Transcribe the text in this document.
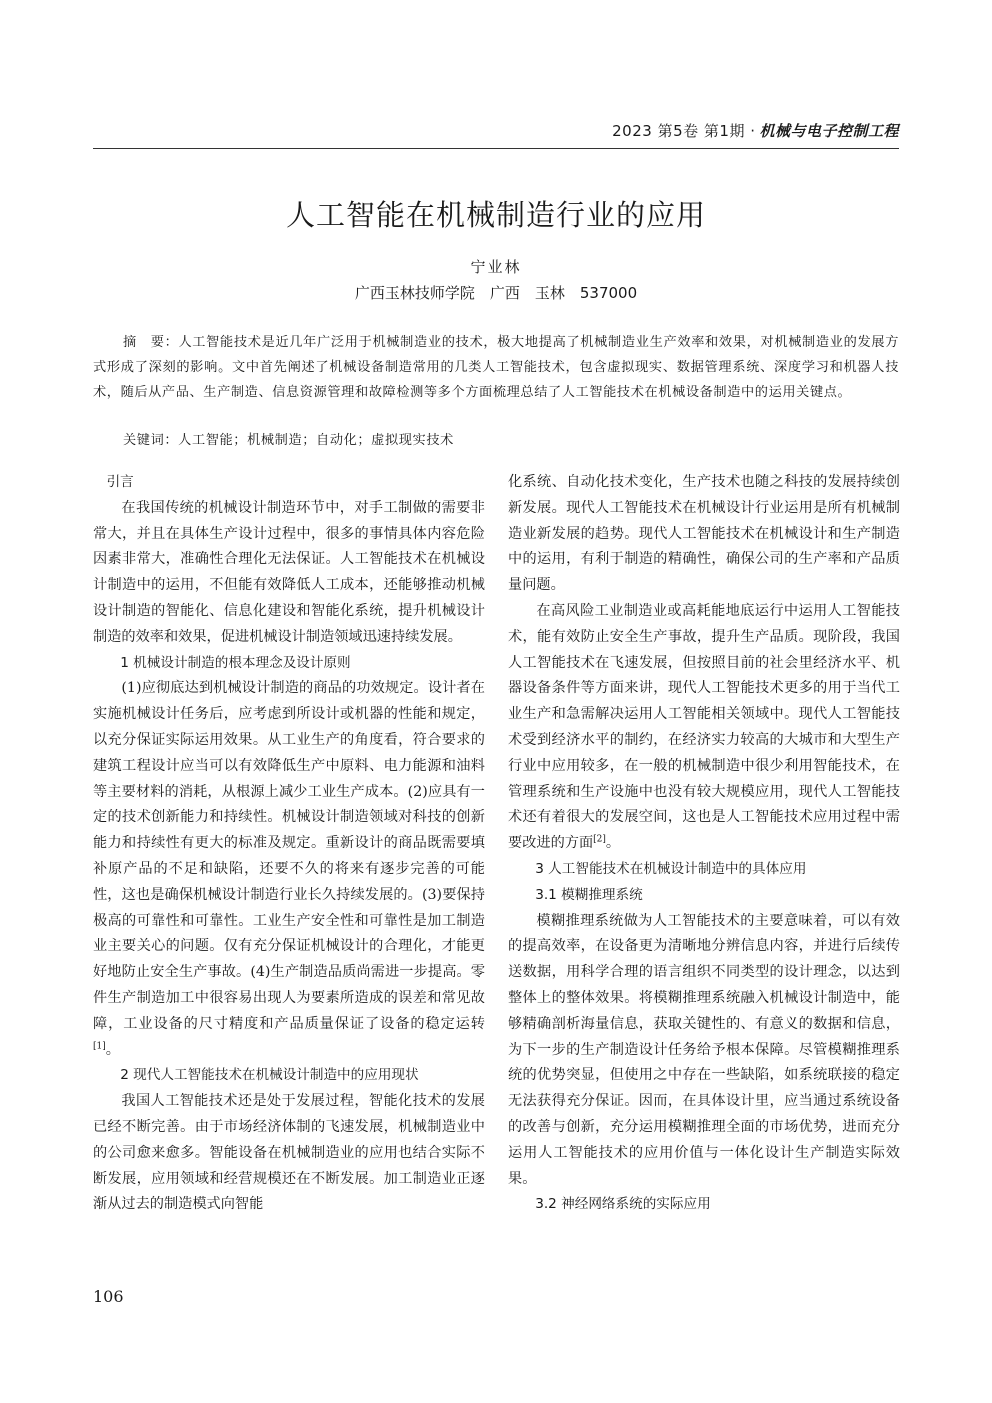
2023 第5卷 第1期 · 机械与电子控制工程
人工智能在机械制造行业的应用
宁业林
广西玉林技师学院　广西　玉林　537000
摘　要：人工智能技术是近几年广泛用于机械制造业的技术，极大地提高了机械制造业生产效率和效果，对机械制造业的发展方式形成了深刻的影响。文中首先阐述了机械设备制造常用的几类人工智能技术，包含虚拟现实、数据管理系统、深度学习和机器人技术，随后从产品、生产制造、信息资源管理和故障检测等多个方面梳理总结了人工智能技术在机械设备制造中的运用关键点。
关键词：人工智能；机械制造；自动化；虚拟现实技术
引言

在我国传统的机械设计制造环节中，对手工制做的需要非常大，并且在具体生产设计过程中，很多的事情具体内容危险因素非常大，准确性合理化无法保证。人工智能技术在机械设计制造中的运用，不但能有效降低人工成本，还能够推动机械设计制造的智能化、信息化建设和智能化系统，提升机械设计制造的效率和效果，促进机械设计制造领域迅速持续发展。

1 机械设计制造的根本理念及设计原则

(1)应彻底达到机械设计制造的商品的功效规定。设计者在实施机械设计任务后，应考虑到所设计或机器的性能和规定，以充分保证实际运用效果。从工业生产的角度看，符合要求的建筑工程设计应当可以有效降低生产中原料、电力能源和油料等主要材料的消耗，从根源上减少工业生产成本。(2)应具有一定的技术创新能力和持续性。机械设计制造领域对科技的创新能力和持续性有更大的标准及规定。重新设计的商品既需要填补原产品的不足和缺陷，还要不久的将来有逐步完善的可能性，这也是确保机械设计制造行业长久持续发展的。(3)要保持极高的可靠性和可靠性。工业生产安全性和可靠性是加工制造业主要关心的问题。仅有充分保证机械设计的合理化，才能更好地防止安全生产事故。(4)生产制造品质尚需进一步提高。零件生产制造加工中很容易出现人为要素所造成的误差和常见故障，工业设备的尺寸精度和产品质量保证了设备的稳定运转[1]。

2 现代人工智能技术在机械设计制造中的应用现状

我国人工智能技术还是处于发展过程，智能化技术的发展已经不断完善。由于市场经济体制的飞速发展，机械制造业中的公司愈来愈多。智能设备在机械制造业的应用也结合实际不断发展，应用领域和经营规模还在不断发展。加工制造业正逐渐从过去的制造模式向智能

化系统、自动化技术变化，生产技术也随之科技的发展持续创新发展。现代人工智能技术在机械设计行业运用是所有机械制造业新发展的趋势。现代人工智能技术在机械设计和生产制造中的运用，有利于制造的精确性，确保公司的生产率和产品质量问题。

在高风险工业制造业或高耗能地底运行中运用人工智能技术，能有效防止安全生产事故，提升生产品质。现阶段，我国人工智能技术在飞速发展，但按照目前的社会里经济水平、机器设备条件等方面来讲，现代人工智能技术更多的用于当代工业生产和急需解决运用人工智能相关领域中。现代人工智能技术受到经济水平的制约，在经济实力较高的大城市和大型生产行业中应用较多，在一般的机械制造中很少利用智能技术，在管理系统和生产设施中也没有较大规模应用，现代人工智能技术还有着很大的发展空间，这也是人工智能技术应用过程中需要改进的方面[2]。

3 人工智能技术在机械设计制造中的具体应用
3.1 模糊推理系统

模糊推理系统做为人工智能技术的主要意味着，可以有效的提高效率，在设备更为清晰地分辨信息内容，并进行后续传送数据，用科学合理的语言组织不同类型的设计理念，以达到整体上的整体效果。将模糊推理系统融入机械设计制造中，能够精确剖析海量信息，获取关键性的、有意义的数据和信息，为下一步的生产制造设计任务给予根本保障。尽管模糊推理系统的优势突显，但使用之中存在一些缺陷，如系统联接的稳定无法获得充分保证。因而，在具体设计里，应当通过系统设备的改善与创新，充分运用模糊推理全面的市场优势，进而充分运用人工智能技术的应用价值与一体化设计生产制造实际效果。

3.2 神经网络系统的实际应用
106
